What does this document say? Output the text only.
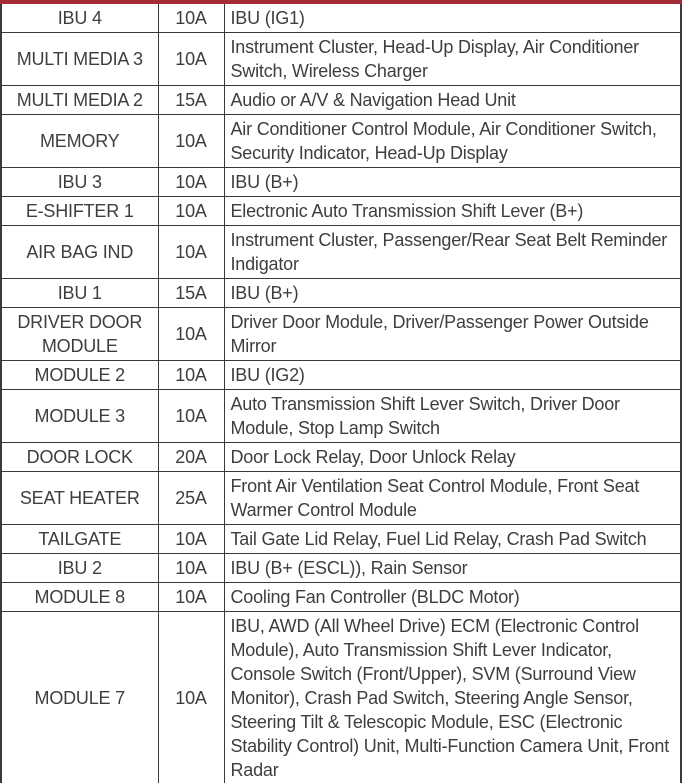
IBU 4	10A	IBU (IG1)
MULTI MEDIA 3	10A	Instrument Cluster, Head-Up Display, Air Conditioner Switch, Wireless Charger
MULTI MEDIA 2	15A	Audio or A/V & Navigation Head Unit
MEMORY	10A	Air Conditioner Control Module, Air Conditioner Switch, Security Indicator, Head-Up Display
IBU 3	10A	IBU (B+)
E-SHIFTER 1	10A	Electronic Auto Transmission Shift Lever (B+)
AIR BAG IND	10A	Instrument Cluster, Passenger/Rear Seat Belt Reminder Indigator
IBU 1	15A	IBU (B+)
DRIVER DOOR MODULE	10A	Driver Door Module, Driver/Passenger Power Outside Mirror
MODULE 2	10A	IBU (IG2)
MODULE 3	10A	Auto Transmission Shift Lever Switch, Driver Door Module, Stop Lamp Switch
DOOR LOCK	20A	Door Lock Relay, Door Unlock Relay
SEAT HEATER	25A	Front Air Ventilation Seat Control Module, Front Seat Warmer Control Module
TAILGATE	10A	Tail Gate Lid Relay, Fuel Lid Relay, Crash Pad Switch
IBU 2	10A	IBU (B+ (ESCL)), Rain Sensor
MODULE 8	10A	Cooling Fan Controller (BLDC Motor)
MODULE 7	10A	IBU, AWD (All Wheel Drive) ECM (Electronic Control Module), Auto Transmission Shift Lever Indicator, Console Switch (Front/Upper), SVM (Surround View Monitor), Crash Pad Switch, Steering Angle Sensor, Steering Tilt & Telescopic Module, ESC (Electronic Stability Control) Unit, Multi-Function Camera Unit, Front Radar
